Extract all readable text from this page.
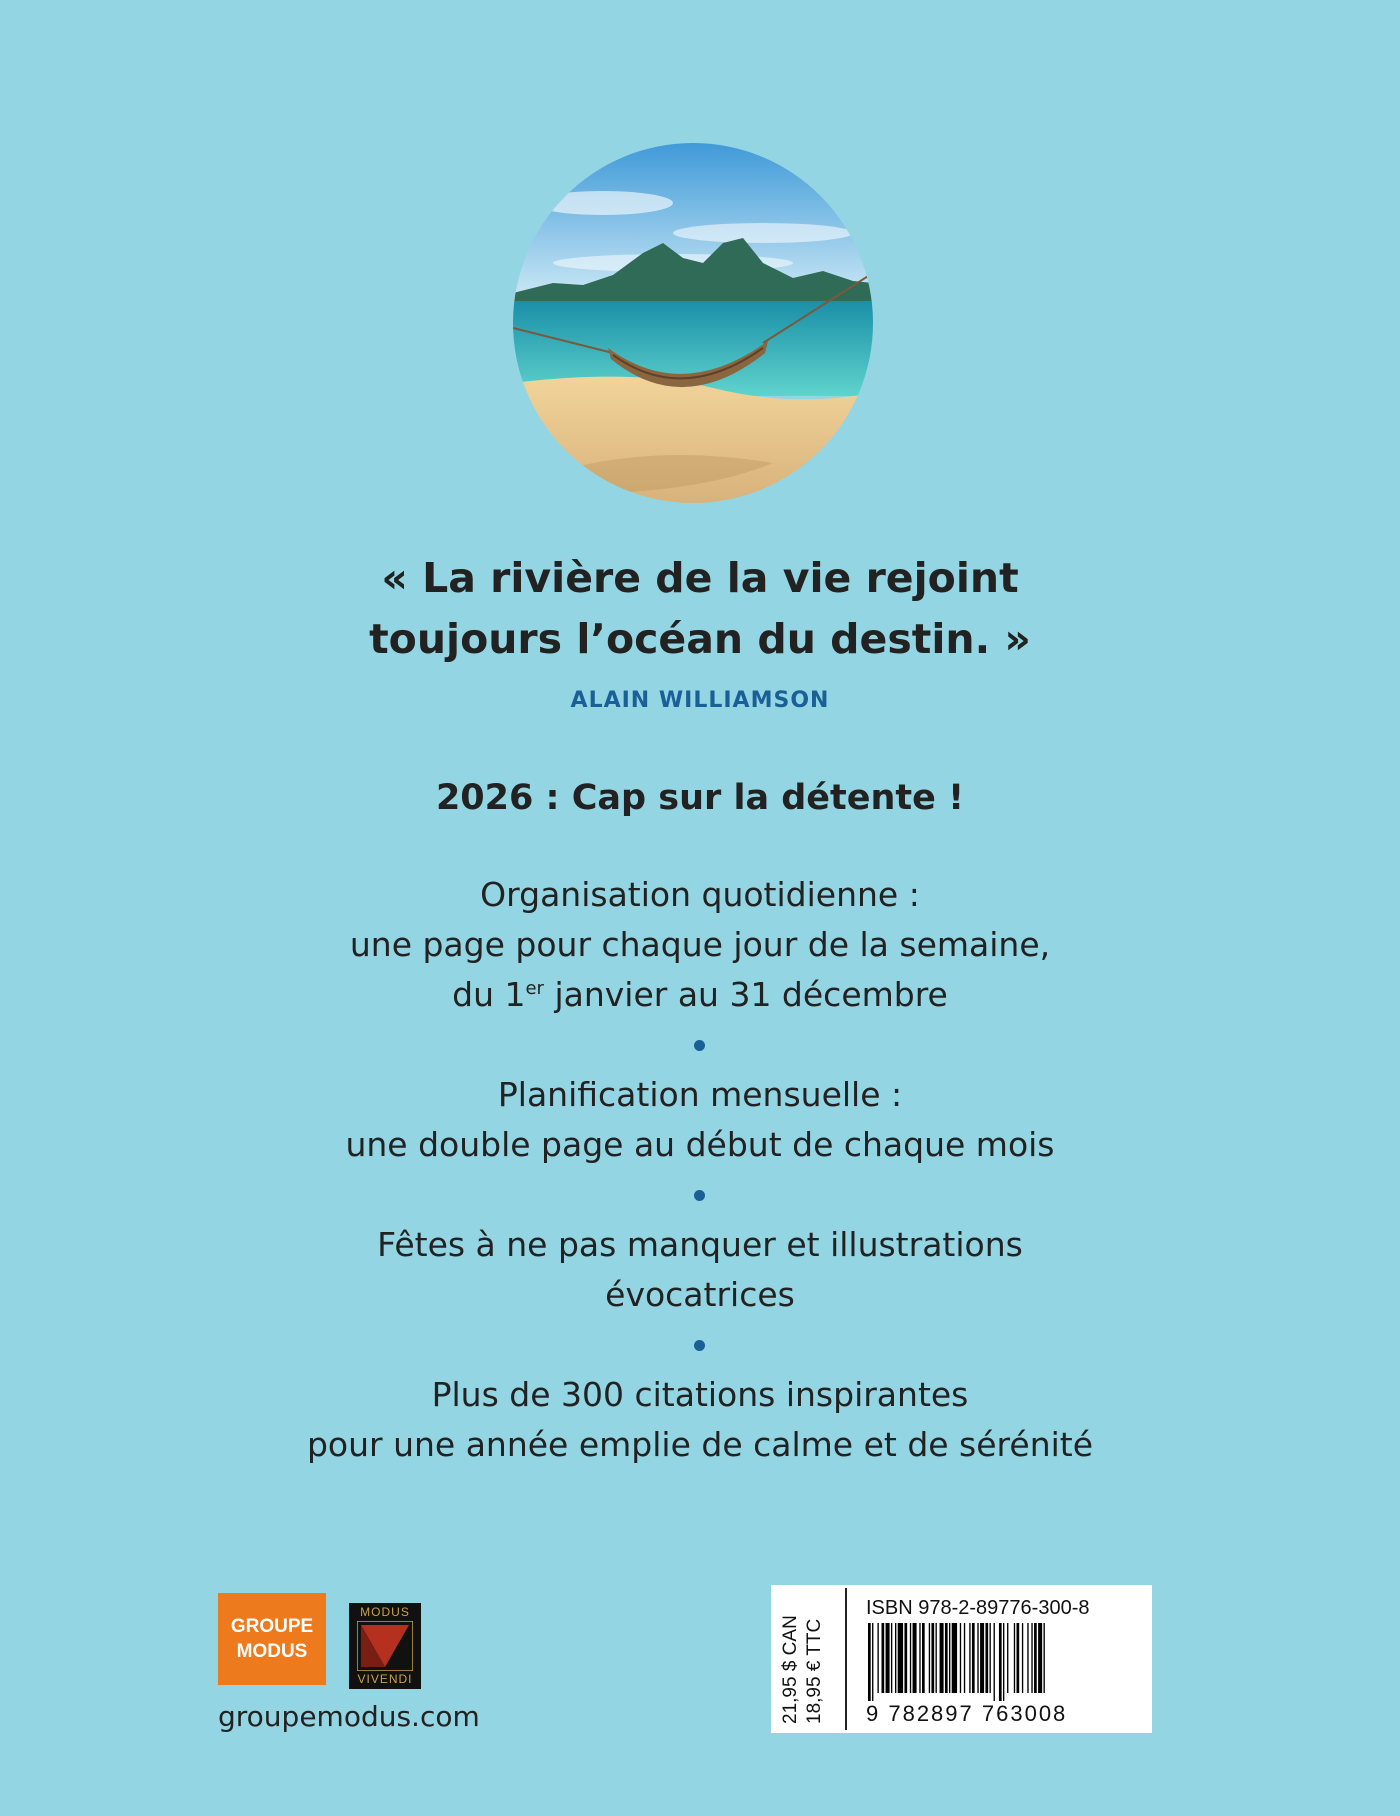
« La rivière de la vie rejoint
toujours l’océan du destin. »
ALAIN WILLIAMSON
2026 : Cap sur la détente !
Organisation quotidienne :
une page pour chaque jour de la semaine,
du 1er janvier au 31 décembre
Planification mensuelle :
une double page au début de chaque mois
Fêtes à ne pas manquer et illustrations
évocatrices
Plus de 300 citations inspirantes
pour une année emplie de calme et de sérénité
GROUPE
MODUS
MODUS
VIVENDI
groupemodus.com	21,95 $ CAN 18,95 € TTC
ISBN 978-2-89776-300-8
9 782897 763008
